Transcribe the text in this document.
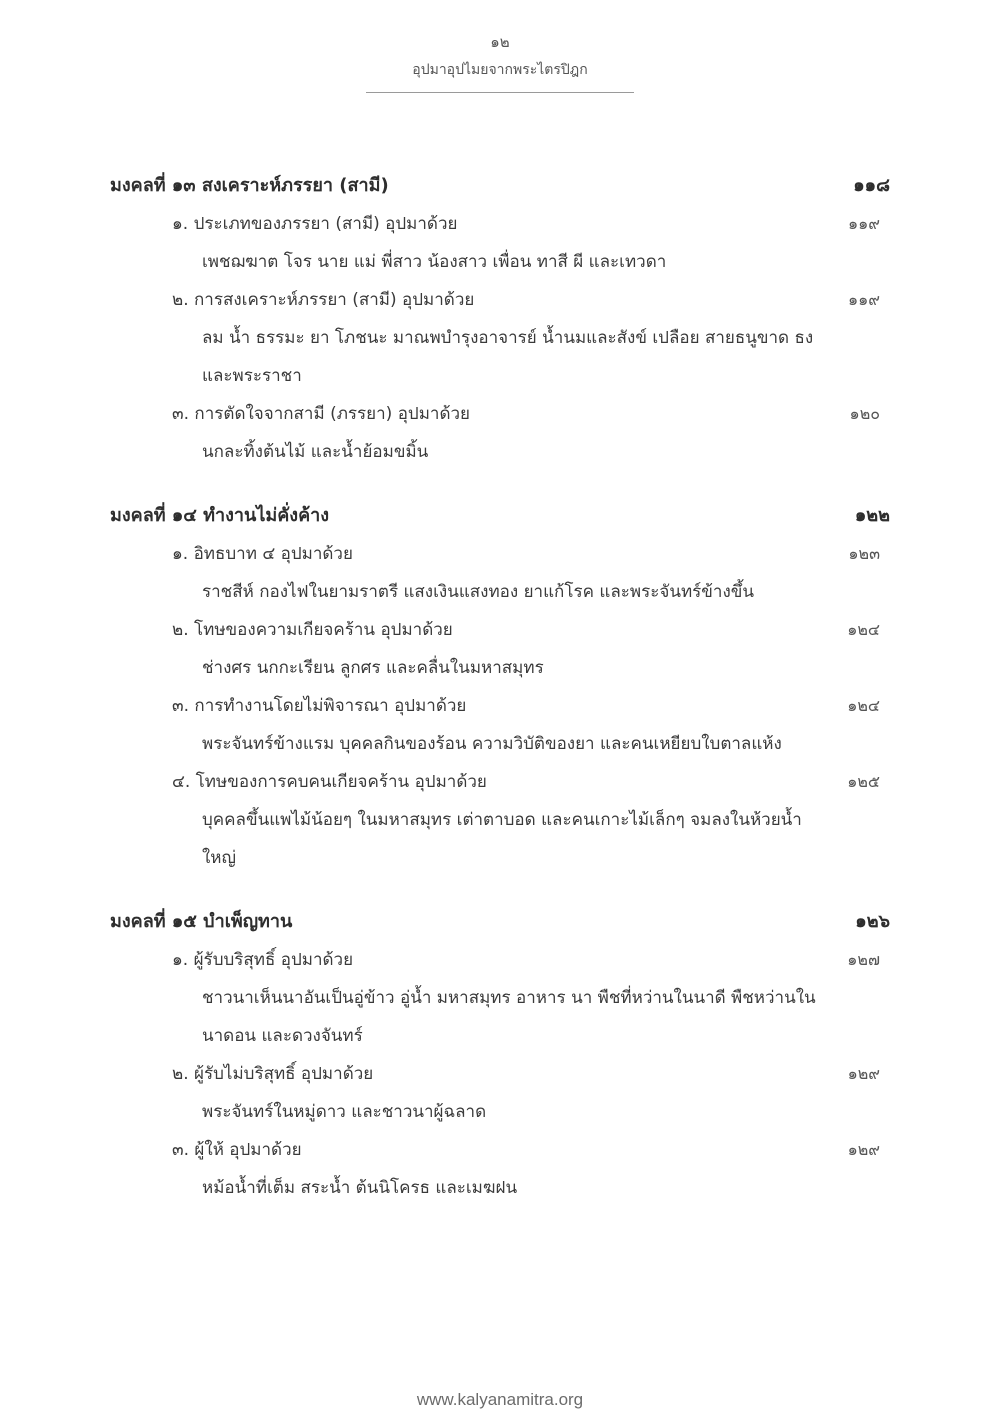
๑๒
อุปมาอุปไมยจากพระไตรปิฎก
มงคลที่ ๑๓ สงเคราะห์ภรรยา (สามี)	๑๑๘
๑. ประเภทของภรรยา (สามี) อุปมาด้วย	๑๑๙
เพชฌฆาต โจร นาย แม่ พี่สาว น้องสาว เพื่อน ทาสี ผี และเทวดา
๒. การสงเคราะห์ภรรยา (สามี) อุปมาด้วย	๑๑๙
ลม น้ำ ธรรมะ ยา โภชนะ มาณพบำรุงอาจารย์ น้ำนมและสังข์ เปลือย สายธนูขาด ธง และพระราชา
๓. การตัดใจจากสามี (ภรรยา) อุปมาด้วย	๑๒๐
นกละทิ้งต้นไม้ และน้ำย้อมขมิ้น
มงคลที่ ๑๔ ทำงานไม่คั่งค้าง	๑๒๒
๑. อิทธบาท ๔ อุปมาด้วย	๑๒๓
ราชสีห์ กองไฟในยามราตรี แสงเงินแสงทอง ยาแก้โรค และพระจันทร์ข้างขึ้น
๒. โทษของความเกียจคร้าน อุปมาด้วย	๑๒๔
ช่างศร นกกะเรียน ลูกศร และคลื่นในมหาสมุทร
๓. การทำงานโดยไม่พิจารณา อุปมาด้วย	๑๒๔
พระจันทร์ข้างแรม บุคคลกินของร้อน ความวิบัติของยา และคนเหยียบใบตาลแห้ง
๔. โทษของการคบคนเกียจคร้าน อุปมาด้วย	๑๒๕
บุคคลขึ้นแพไม้น้อยๆ ในมหาสมุทร เต่าตาบอด และคนเกาะไม้เล็กๆ จมลงในห้วยน้ำใหญ่
มงคลที่ ๑๕ บำเพ็ญทาน	๑๒๖
๑. ผู้รับบริสุทธิ์ อุปมาด้วย	๑๒๗
ชาวนาเห็นนาอันเป็นอู่ข้าว อู่น้ำ มหาสมุทร อาหาร นา พืชที่หว่านในนาดี พืชหว่านในนาดอน และดวงจันทร์
๒. ผู้รับไม่บริสุทธิ์ อุปมาด้วย	๑๒๙
พระจันทร์ในหมู่ดาว และชาวนาผู้ฉลาด
๓. ผู้ให้ อุปมาด้วย	๑๒๙
หม้อน้ำที่เต็ม สระน้ำ ต้นนิโครธ และเมฆฝน
www.kalyanamitra.org
